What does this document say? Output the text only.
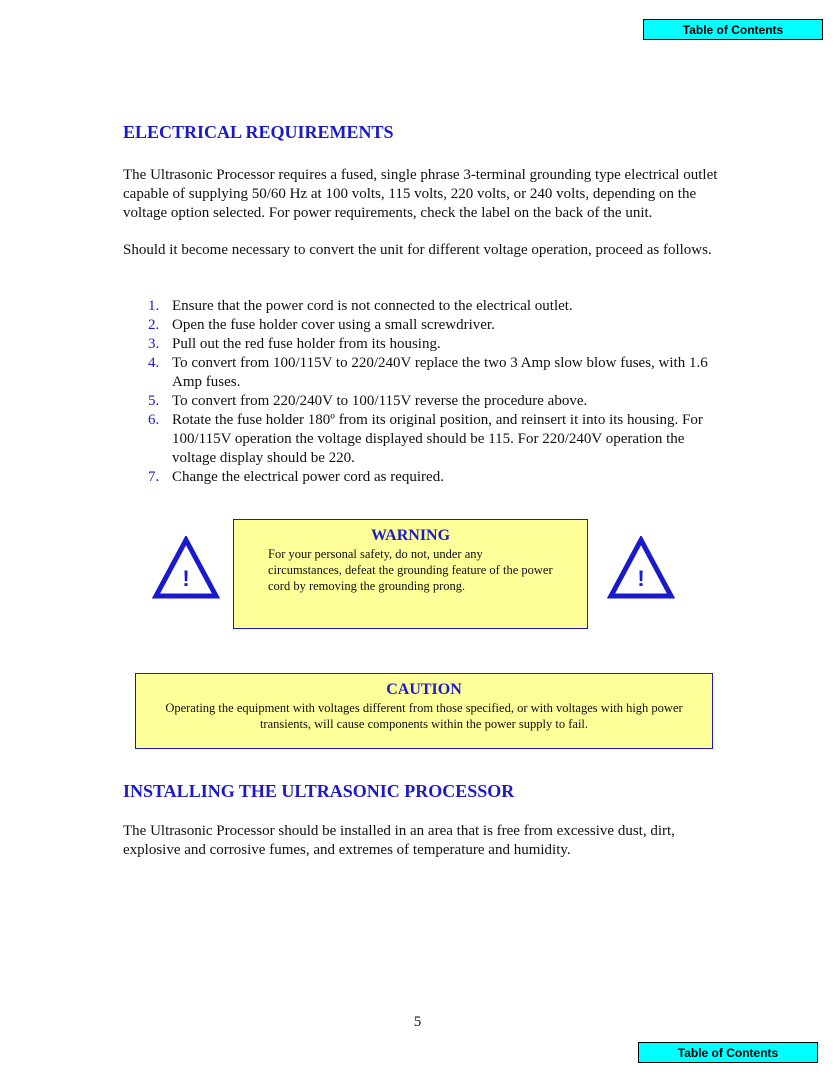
Table of Contents
ELECTRICAL REQUIREMENTS

The Ultrasonic Processor requires a fused, single phrase 3-terminal grounding type electrical outlet capable of supplying 50/60 Hz at 100 volts, 115 volts, 220 volts, or 240 volts, depending on the voltage option selected. For power requirements, check the label on the back of the unit.

Should it become necessary to convert the unit for different voltage operation, proceed as follows.

1. Ensure that the power cord is not connected to the electrical outlet.
2. Open the fuse holder cover using a small screwdriver.
3. Pull out the red fuse holder from its housing.
4. To convert from 100/115V to 220/240V replace the two 3 Amp slow blow fuses, with 1.6 Amp fuses.
5. To convert from 220/240V to 100/115V reverse the procedure above.
6. Rotate the fuse holder 180º from its original position, and reinsert it into its housing. For 100/115V operation the voltage displayed should be 115. For 220/240V operation the voltage display should be 220.
7. Change the electrical power cord as required.
!
WARNING
For your personal safety, do not, under any circumstances, defeat the grounding feature of the power cord by removing the grounding prong.	!
CAUTION
Operating the equipment with voltages different from those specified, or with voltages with high power transients, will cause components within the power supply to fail.
INSTALLING THE ULTRASONIC PROCESSOR

The Ultrasonic Processor should be installed in an area that is free from excessive dust, dirt, explosive and corrosive fumes, and extremes of temperature and humidity.

5
Table of Contents
